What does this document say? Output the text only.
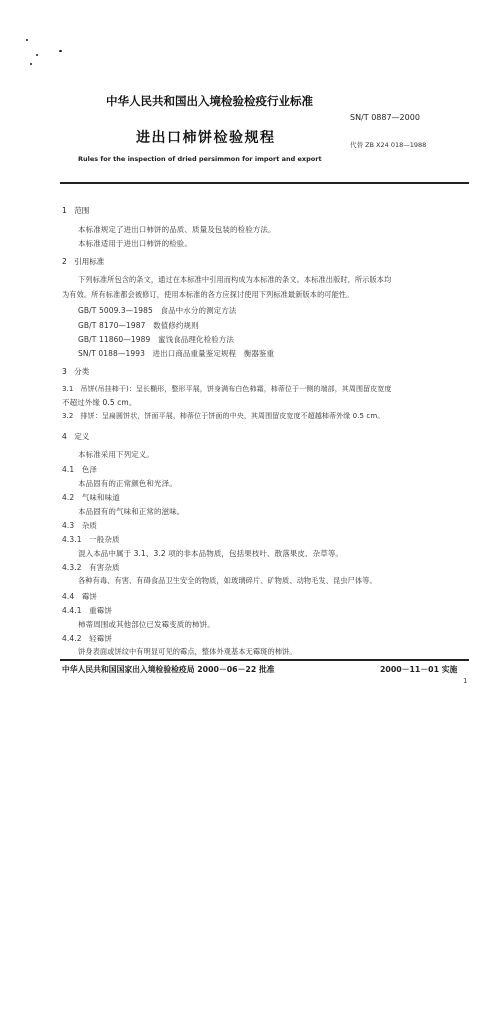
中华人民共和国出入境检验检疫行业标准
SN/T 0887—2000
进出口柿饼检验规程	代替 ZB X24 018—1988
Rules for the inspection of dried persimmon for import and export
1　范围
本标准规定了进出口柿饼的品质、质量及包装的检验方法。
本标准适用于进出口柿饼的检验。
2　引用标准
下列标准所包含的条文，通过在本标准中引用而构成为本标准的条文。本标准出版时，所示版本均
为有效。所有标准都会被修订，使用本标准的各方应探讨使用下列标准最新版本的可能性。
GB/T 5009.3—1985　食品中水分的测定方法
GB/T 8170—1987　数值修约规则
GB/T 11860—1989　蜜饯食品理化检验方法
SN/T 0188—1993　进出口商品重量鉴定规程　衡器鉴重
3　分类
3.1　吊饼(吊挂柿干)：呈长椭形，整形平展，饼身满布白色柿霜，柿蒂位于一侧的端部，其周围留皮宽度
不超过外缘 0.5 cm。
3.2　排饼：呈扁圆饼状，饼面平展，柿蒂位于饼面的中央，其周围留皮宽度不超越柿蒂外缘 0.5 cm。
4　定义
本标准采用下列定义。
4.1　色泽
本品固有的正常颜色和光泽。
4.2　气味和味道
本品固有的气味和正常的滋味。
4.3　杂质
4.3.1　一般杂质
混入本品中属于 3.1、3.2 项的非本品物质，包括果枝叶、散落果皮、杂草等。
4.3.2　有害杂质
各种有毒、有害、有碍食品卫生安全的物质，如玻璃碎片、矿物质、动物毛发、昆虫尸体等。
4.4　霉饼
4.4.1　重霉饼
柿蒂周围或其他部位已发霉变质的柿饼。
4.4.2　轻霉饼
饼身表面或饼纹中有明显可见的霉点，整体外观基本无霉斑的柿饼。
中华人民共和国国家出入境检验检疫局 2000－06－22 批准	2000－11－01 实施
1
